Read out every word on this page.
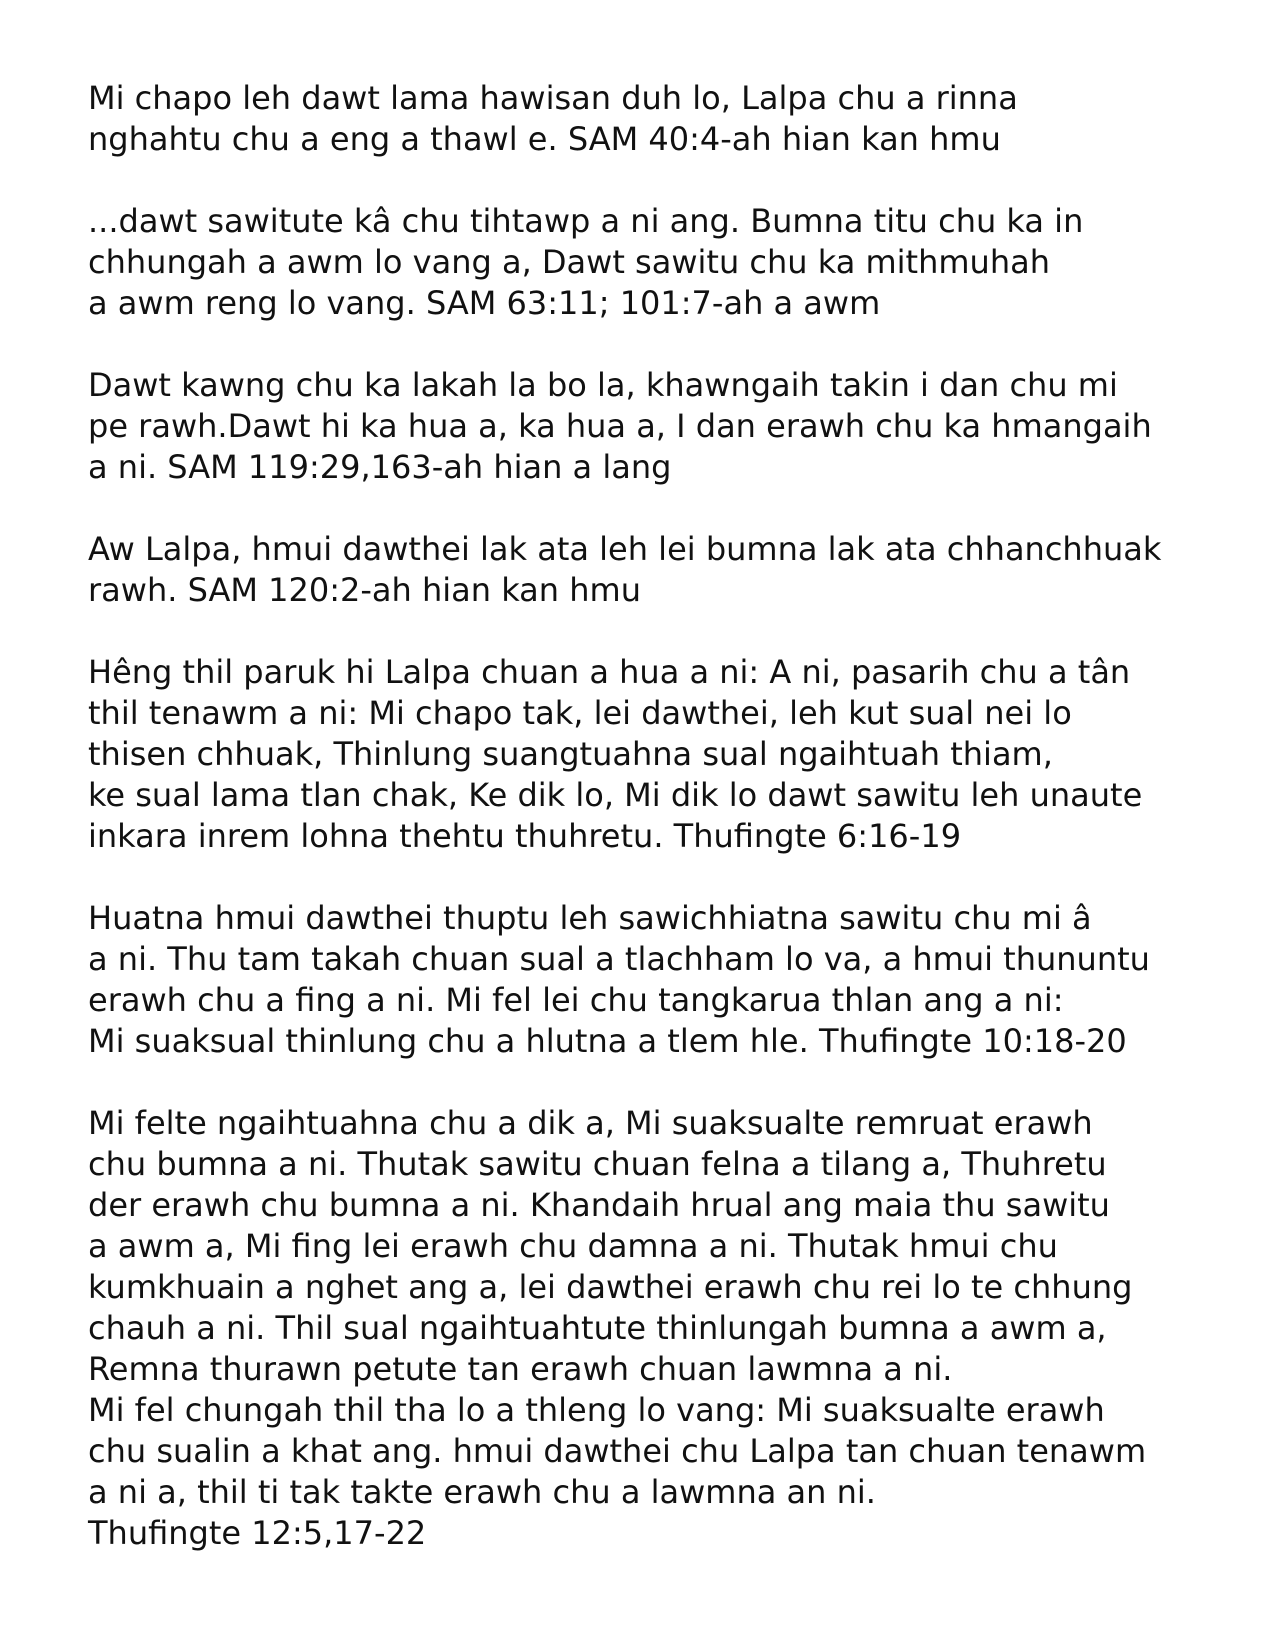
Mi chapo leh dawt lama hawisan duh lo, Lalpa chu a rinna
nghahtu chu a eng a thawl e. SAM 40:4-ah hian kan hmu
...dawt sawitute kâ chu tihtawp a ni ang. Bumna titu chu ka in
chhungah a awm lo vang a, Dawt sawitu chu ka mithmuhah
a awm reng lo vang. SAM 63:11; 101:7-ah a awm
Dawt kawng chu ka lakah la bo la, khawngaih takin i dan chu mi
pe rawh.Dawt hi ka hua a, ka hua a, I dan erawh chu ka hmangaih
a ni. SAM 119:29,163-ah hian a lang
Aw Lalpa, hmui dawthei lak ata leh lei bumna lak ata chhanchhuak
rawh. SAM 120:2-ah hian kan hmu
Hêng thil paruk hi Lalpa chuan a hua a ni: A ni, pasarih chu a tân
thil tenawm a ni: Mi chapo tak, lei dawthei, leh kut sual nei lo
thisen chhuak, Thinlung suangtuahna sual ngaihtuah thiam,
ke sual lama tlan chak, Ke dik lo, Mi dik lo dawt sawitu leh unaute
inkara inrem lohna thehtu thuhretu. Thufingte 6:16-19
Huatna hmui dawthei thuptu leh sawichhiatna sawitu chu mi â
a ni. Thu tam takah chuan sual a tlachham lo va, a hmui thununtu
erawh chu a fing a ni. Mi fel lei chu tangkarua thlan ang a ni:
Mi suaksual thinlung chu a hlutna a tlem hle. Thufingte 10:18-20
Mi felte ngaihtuahna chu a dik a, Mi suaksualte remruat erawh
chu bumna a ni. Thutak sawitu chuan felna a tilang a, Thuhretu
der erawh chu bumna a ni. Khandaih hrual ang maia thu sawitu
a awm a, Mi fing lei erawh chu damna a ni. Thutak hmui chu
kumkhuain a nghet ang a, lei dawthei erawh chu rei lo te chhung
chauh a ni. Thil sual ngaihtuahtute thinlungah bumna a awm a,
Remna thurawn petute tan erawh chuan lawmna a ni.
Mi fel chungah thil tha lo a thleng lo vang: Mi suaksualte erawh
chu sualin a khat ang. hmui dawthei chu Lalpa tan chuan tenawm
a ni a, thil ti tak takte erawh chu a lawmna an ni.
Thufingte 12:5,17-22
